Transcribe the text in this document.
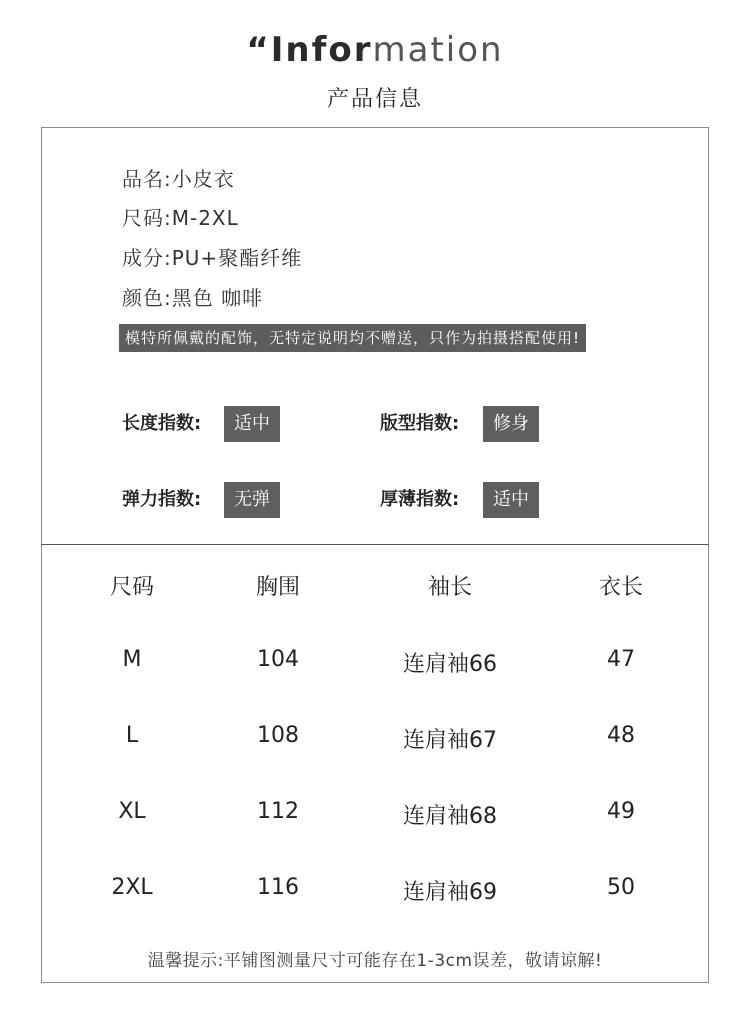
“Information
产品信息
品名:小皮衣
尺码:M-2XL
成分:PU+聚酯纤维
颜色:黑色 咖啡
模特所佩戴的配饰，无特定说明均不赠送，只作为拍摄搭配使用!
长度指数:	适中	版型指数:	修身
弹力指数:	无弹	厚薄指数:	适中
尺码	胸围	袖长	衣长
M	104	连肩袖66	47
L	108	连肩袖67	48
XL	112	连肩袖68	49
2XL	116	连肩袖69	50
温馨提示:平铺图测量尺寸可能存在1-3cm误差，敬请谅解!
